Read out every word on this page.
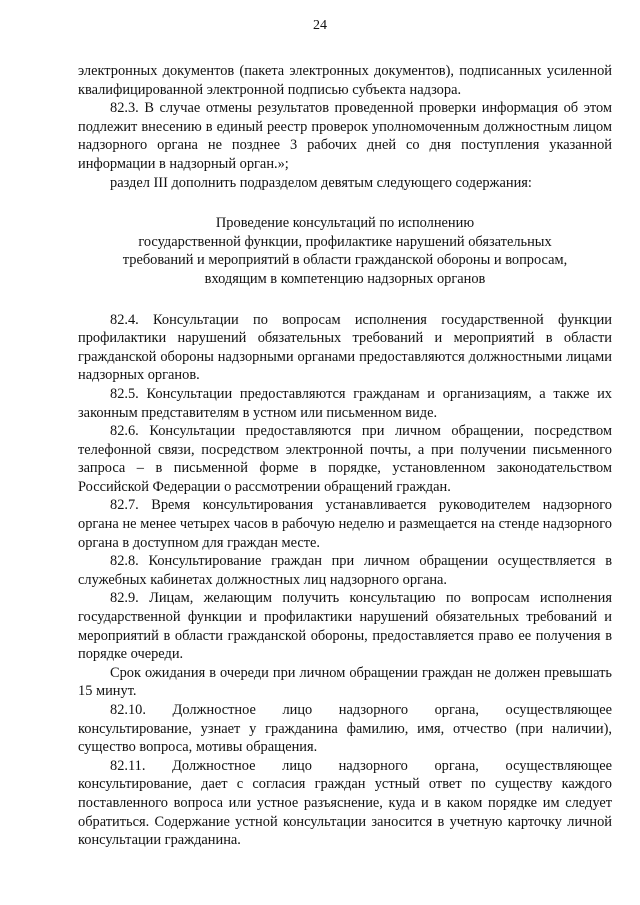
24

электронных документов (пакета электронных документов), подписанных усиленной квалифицированной электронной подписью субъекта надзора.

82.3. В случае отмены результатов проведенной проверки информация об этом подлежит внесению в единый реестр проверок уполномоченным должностным лицом надзорного органа не позднее 3 рабочих дней со дня поступления указанной информации в надзорный орган.»;

раздел III дополнить подразделом девятым следующего содержания:

Проведение консультаций по исполнению
государственной функции, профилактике нарушений обязательных
требований и мероприятий в области гражданской обороны и вопросам,
входящим в компетенцию надзорных органов

82.4. Консультации по вопросам исполнения государственной функции профилактики нарушений обязательных требований и мероприятий в области гражданской обороны надзорными органами предоставляются должностными лицами надзорных органов.

82.5. Консультации предоставляются гражданам и организациям, а также их законным представителям в устном или письменном виде.

82.6. Консультации предоставляются при личном обращении, посредством телефонной связи, посредством электронной почты, а при получении письменного запроса – в письменной форме в порядке, установленном законодательством Российской Федерации о рассмотрении обращений граждан.

82.7. Время консультирования устанавливается руководителем надзорного органа не менее четырех часов в рабочую неделю и размещается на стенде надзорного органа в доступном для граждан месте.

82.8. Консультирование граждан при личном обращении осуществляется в служебных кабинетах должностных лиц надзорного органа.

82.9. Лицам, желающим получить консультацию по вопросам исполнения государственной функции и профилактики нарушений обязательных требований и мероприятий в области гражданской обороны, предоставляется право ее получения в порядке очереди.

Срок ожидания в очереди при личном обращении граждан не должен превышать 15 минут.

82.10. Должностное лицо надзорного органа, осуществляющее консультирование, узнает у гражданина фамилию, имя, отчество (при наличии), существо вопроса, мотивы обращения.

82.11. Должностное лицо надзорного органа, осуществляющее консультирование, дает с согласия граждан устный ответ по существу каждого поставленного вопроса или устное разъяснение, куда и в каком порядке им следует обратиться. Содержание устной консультации заносится в учетную карточку личной консультации гражданина.
